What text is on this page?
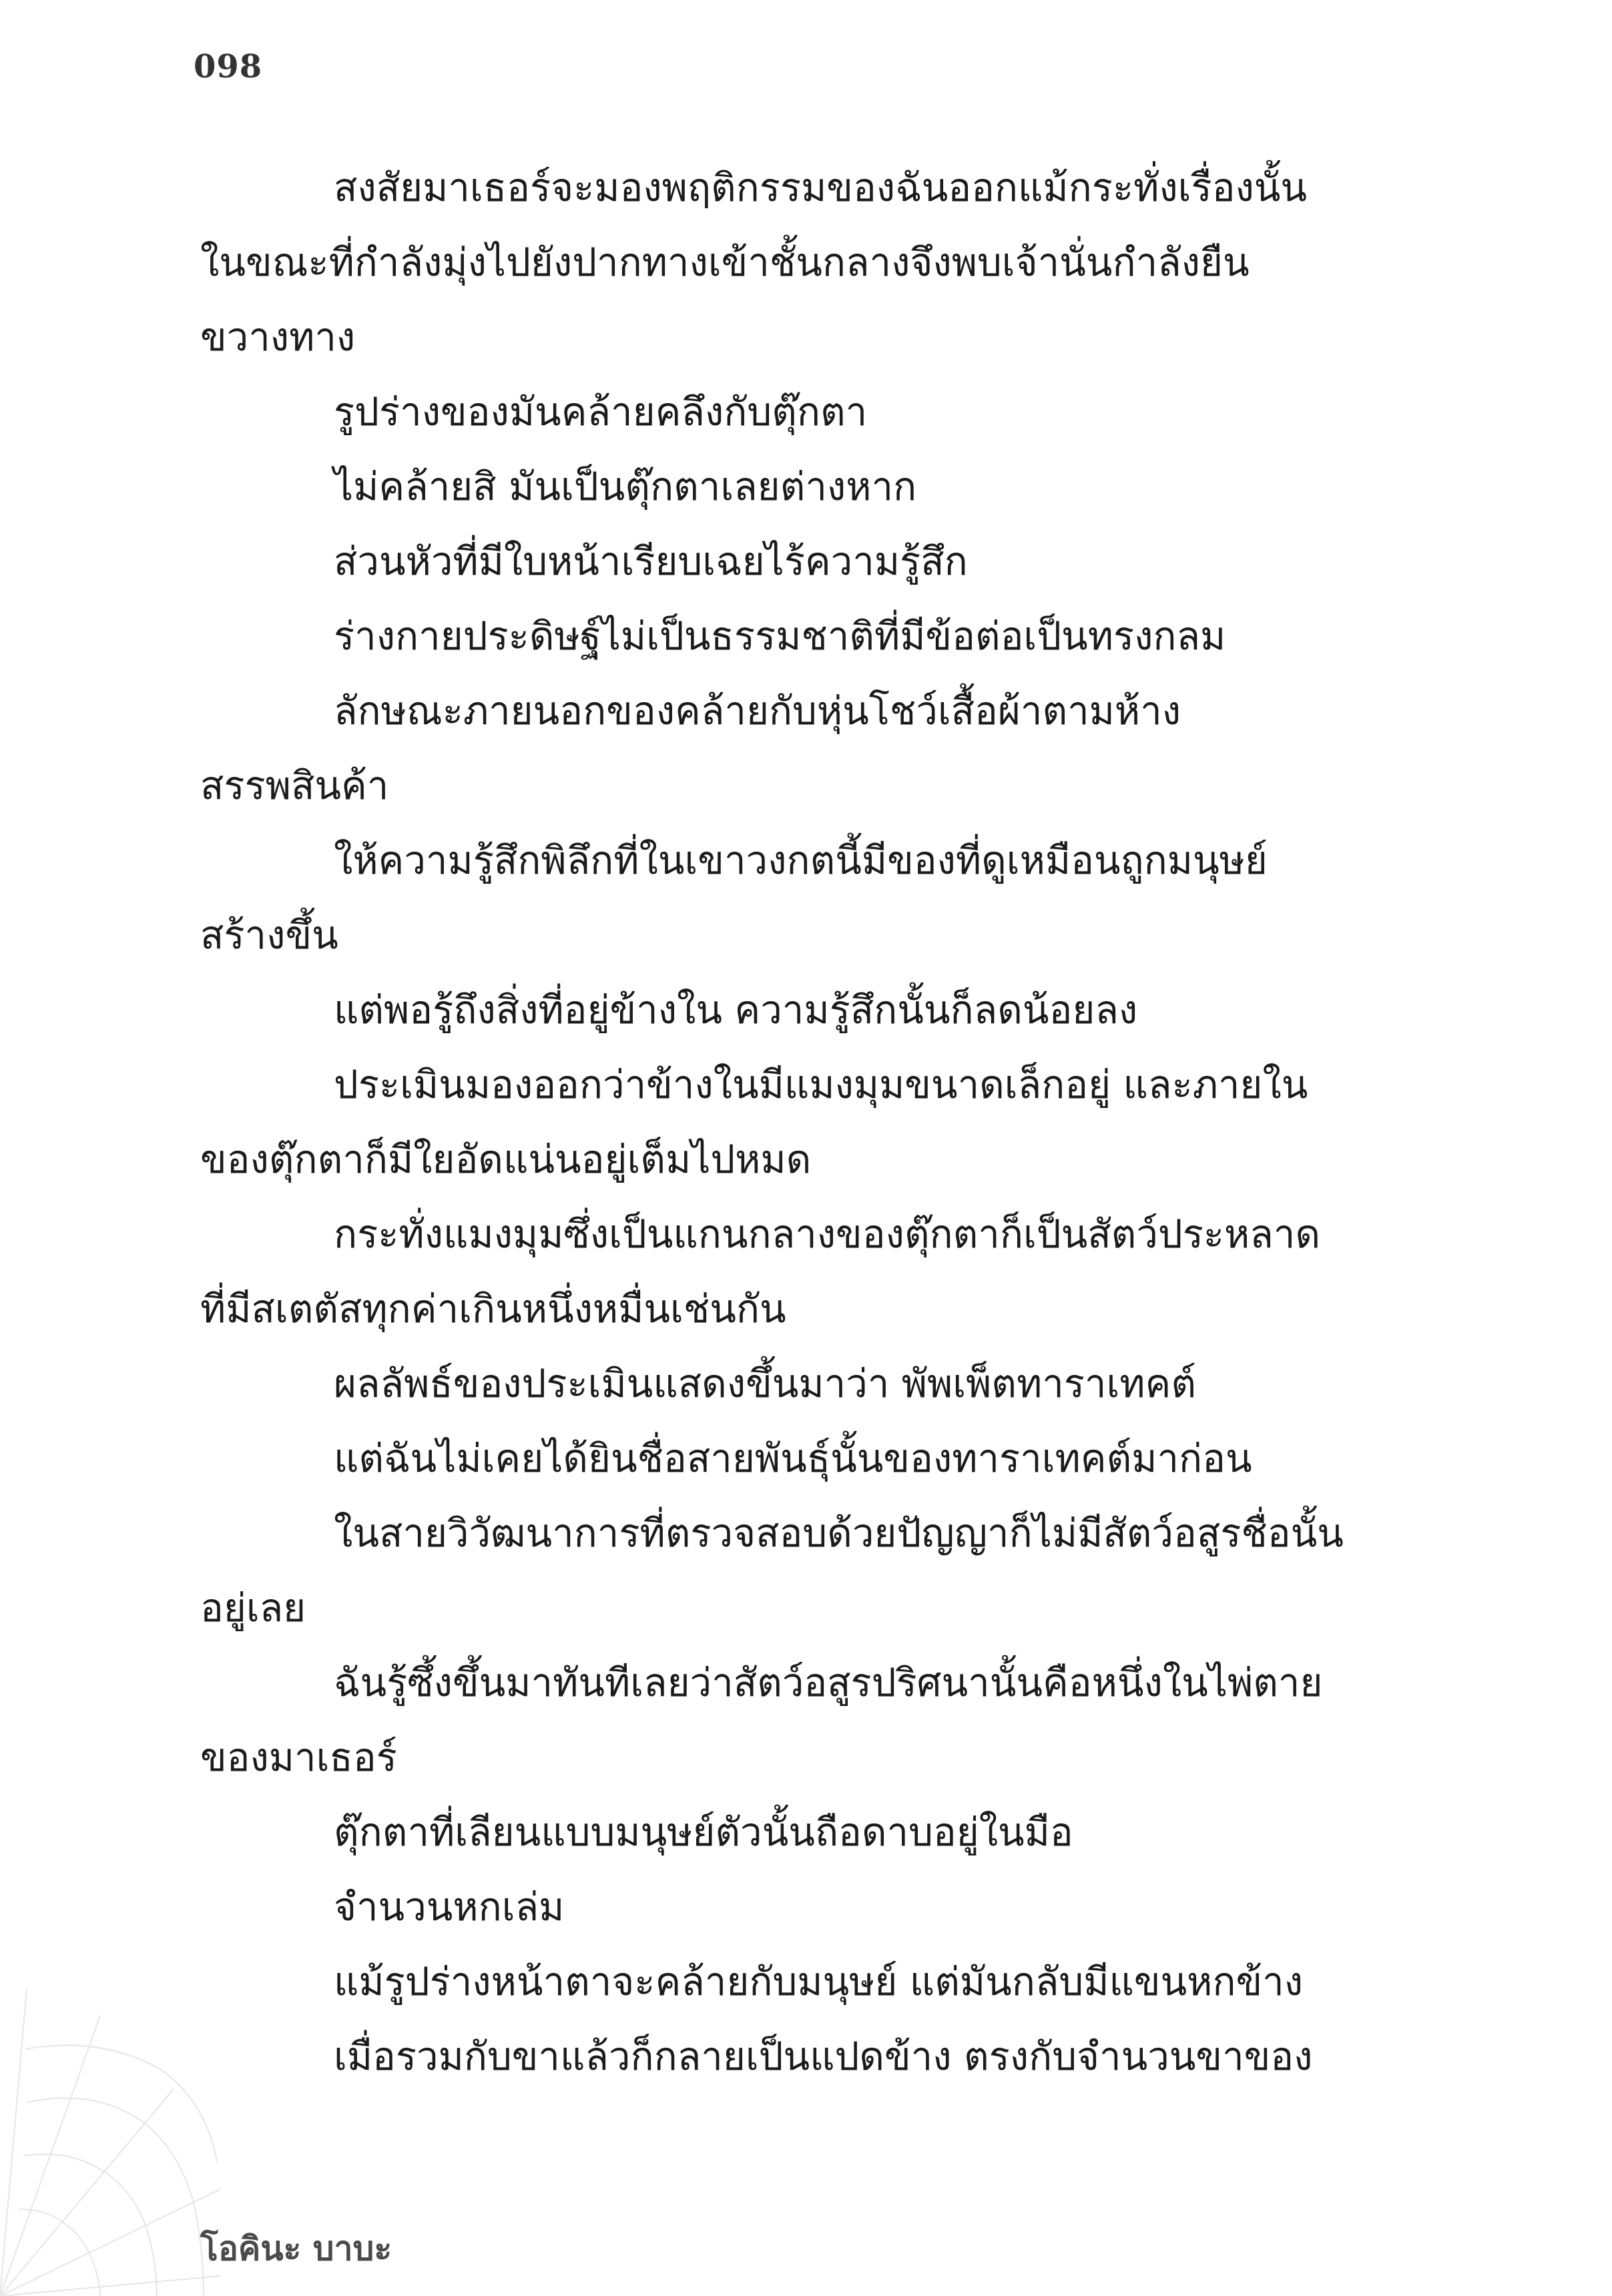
098
สงสัยมาเธอร์จะมองพฤติกรรมของฉันออกแม้กระทั่งเรื่องนั้น
ในขณะที่กำลังมุ่งไปยังปากทางเข้าชั้นกลางจึงพบเจ้านั่นกำลังยืน
ขวางทาง
รูปร่างของมันคล้ายคลึงกับตุ๊กตา
ไม่คล้ายสิ มันเป็นตุ๊กตาเลยต่างหาก
ส่วนหัวที่มีใบหน้าเรียบเฉยไร้ความรู้สึก
ร่างกายประดิษฐ์ไม่เป็นธรรมชาติที่มีข้อต่อเป็นทรงกลม
ลักษณะภายนอกของคล้ายกับหุ่นโชว์เสื้อผ้าตามห้าง
สรรพสินค้า
ให้ความรู้สึกพิลึกที่ในเขาวงกตนี้มีของที่ดูเหมือนถูกมนุษย์
สร้างขึ้น
แต่พอรู้ถึงสิ่งที่อยู่ข้างใน ความรู้สึกนั้นก็ลดน้อยลง
ประเมินมองออกว่าข้างในมีแมงมุมขนาดเล็กอยู่ และภายใน
ของตุ๊กตาก็มีใยอัดแน่นอยู่เต็มไปหมด
กระทั่งแมงมุมซึ่งเป็นแกนกลางของตุ๊กตาก็เป็นสัตว์ประหลาด
ที่มีสเตตัสทุกค่าเกินหนึ่งหมื่นเช่นกัน
ผลลัพธ์ของประเมินแสดงขึ้นมาว่า พัพเพ็ตทาราเทคต์
แต่ฉันไม่เคยได้ยินชื่อสายพันธุ์นั้นของทาราเทคต์มาก่อน
ในสายวิวัฒนาการที่ตรวจสอบด้วยปัญญาก็ไม่มีสัตว์อสูรชื่อนั้น
อยู่เลย
ฉันรู้ซึ้งขึ้นมาทันทีเลยว่าสัตว์อสูรปริศนานั้นคือหนึ่งในไพ่ตาย
ของมาเธอร์
ตุ๊กตาที่เลียนแบบมนุษย์ตัวนั้นถือดาบอยู่ในมือ
จำนวนหกเล่ม
แม้รูปร่างหน้าตาจะคล้ายกับมนุษย์ แต่มันกลับมีแขนหกข้าง
เมื่อรวมกับขาแล้วก็กลายเป็นแปดข้าง ตรงกับจำนวนขาของ
โอคินะ บาบะ
